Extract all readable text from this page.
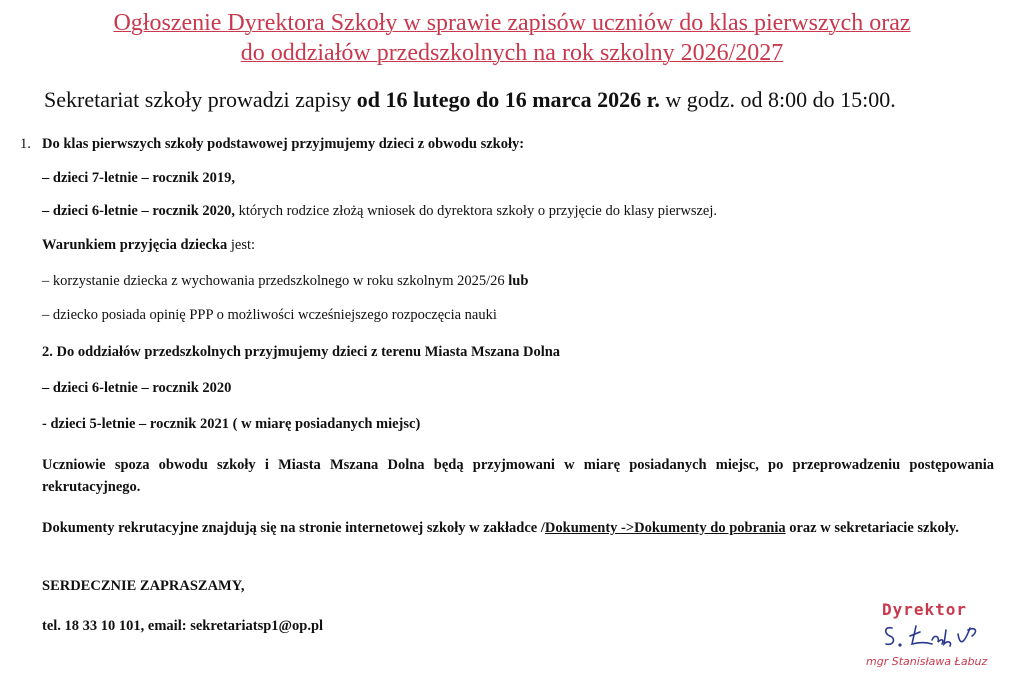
Ogłoszenie Dyrektora Szkoły w sprawie zapisów uczniów do klas pierwszych oraz
do oddziałów przedszkolnych na rok szkolny 2026/2027
Sekretariat szkoły prowadzi zapisy od 16 lutego do 16 marca 2026 r. w godz. od 8:00 do 15:00.
1. Do klas pierwszych szkoły podstawowej przyjmujemy dzieci z obwodu szkoły:
– dzieci 7-letnie – rocznik 2019,
– dzieci 6-letnie – rocznik 2020, których rodzice złożą wniosek do dyrektora szkoły o przyjęcie do klasy pierwszej.
Warunkiem przyjęcia dziecka jest:
– korzystanie dziecka z wychowania przedszkolnego w roku szkolnym 2025/26 lub
– dziecko posiada opinię PPP o możliwości wcześniejszego rozpoczęcia nauki
2. Do oddziałów przedszkolnych przyjmujemy dzieci z terenu Miasta Mszana Dolna
– dzieci 6-letnie – rocznik 2020
- dzieci 5-letnie – rocznik 2021 ( w miarę posiadanych miejsc)
Uczniowie spoza obwodu szkoły i Miasta Mszana Dolna będą przyjmowani w miarę posiadanych miejsc, po przeprowadzeniu postępowania rekrutacyjnego.
Dokumenty rekrutacyjne znajdują się na stronie internetowej szkoły w zakładce /Dokumenty ->Dokumenty do pobrania oraz w sekretariacie szkoły.
SERDECZNIE ZAPRASZAMY,
tel. 18 33 10 101, email: sekretariatsp1@op.pl
Dyrektor
mgr Stanisława Łabuz
